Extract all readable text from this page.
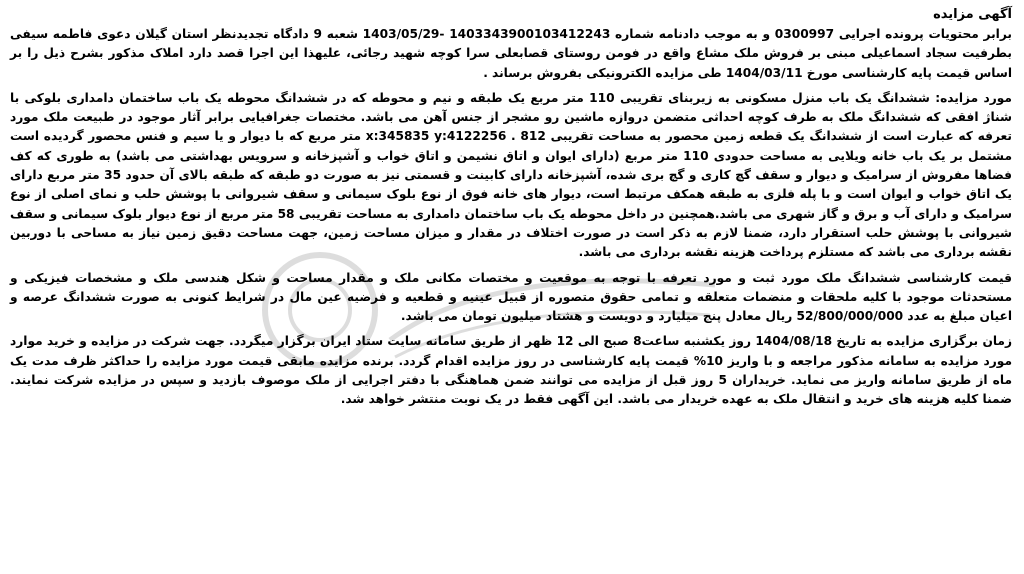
آگهی مزایده

برابر محتویات پرونده اجرایی 0300997 و به موجب دادنامه شماره 1403343900103412243 -1403/05/29 شعبه 9 دادگاه تجدیدنظر استان گیلان دعوی فاطمه سیفی بطرفیت سجاد اسماعیلی مبنی بر فروش ملک مشاع واقع در فومن روستای قصابعلی سرا کوچه شهید رجائی، علیهذا این اجرا قصد دارد املاک مذکور بشرح ذیل را بر اساس قیمت پایه کارشناسی مورخ 1404/03/11 طی مزایده الکترونیکی بفروش برساند .

مورد مزایده: ششدانگ یک باب منزل مسکونی به زیربنای تقریبی 110 متر مربع یک طبقه و نیم و محوطه که در ششدانگ محوطه یک باب ساختمان دامداری بلوکی با شناژ افقی که ششدانگ ملک به طرف کوچه احداثی متضمن دروازه ماشین رو مشجر از جنس آهن می باشد. مختصات جغرافیایی برابر آثار موجود در طبیعت ملک مورد تعرفه که عبارت است از ششدانگ یک قطعه زمین محصور به مساحت تقریبی 812 . x:345835 y:4122256 متر مربع که با دیوار و یا سیم و فنس محصور گردیده است مشتمل بر یک باب خانه ویلایی به مساحت حدودی 110 متر مربع (دارای ایوان و اتاق نشیمن و اتاق خواب و آشپزخانه و سرویس بهداشتی می باشد) به طوری که کف فضاها مفروش از سرامیک و دیوار و سقف گچ کاری و گچ بری شده، آشپزخانه دارای کابینت و قسمتی نیز به صورت دو طبقه که طبقه بالای آن حدود 35 متر مربع دارای یک اتاق خواب و ایوان است و با پله فلزی به طبقه همکف مرتبط است، دیوار های خانه فوق از نوع بلوک سیمانی و سقف شیروانی با پوشش حلب و نمای اصلی از نوع سرامیک و دارای آب و برق و گاز شهری می باشد.همچنین در داخل محوطه یک باب ساختمان دامداری به مساحت تقریبی 58 متر مربع از نوع دیوار بلوک سیمانی و سقف شیروانی با پوشش حلب استقرار دارد، ضمنا لازم به ذکر است در صورت اختلاف در مقدار و میزان مساحت زمین، جهت مساحت دقیق زمین نیاز به مساحی با دوربین نقشه برداری می باشد که مستلزم پرداخت هزینه نقشه برداری می باشد.

قیمت کارشناسی ششدانگ ملک مورد ثبت و مورد تعرفه با توجه به موقعیت و مختصات مکانی ملک و مقدار مساحت و شکل هندسی ملک و مشخصات فیزیکی و مستحدثات موجود با کلیه ملحقات و منضمات متعلقه و تمامی حقوق متصوره از قبیل عینیه و قطعیه و فرضیه عین مال در شرایط کنونی به صورت ششدانگ عرصه و اعیان مبلغ به عدد 52/800/000/000 ریال معادل پنج میلیارد و دویست و هشتاد میلیون تومان می باشد.

زمان برگزاری مزایده به تاریخ 1404/08/18 روز یکشنبه ساعت8 صبح الی 12 ظهر از طریق سامانه سایت ستاد ایران برگزار میگردد. جهت شرکت در مزایده و خرید موارد مورد مزایده به سامانه مذکور مراجعه و با واریز 10% قیمت پایه کارشناسی در روز مزایده اقدام گردد. برنده مزایده مابقی قیمت مورد مزایده را حداکثر ظرف مدت یک ماه از طریق سامانه واریز می نماید. خریداران 5 روز قبل از مزایده می توانند ضمن هماهنگی با دفتر اجرایی از ملک موصوف بازدید و سپس در مزایده شرکت نمایند. ضمنا کلیه هزینه های خرید و انتقال ملک به عهده خریدار می باشد. این آگهی فقط در یک نوبت منتشر خواهد شد.
